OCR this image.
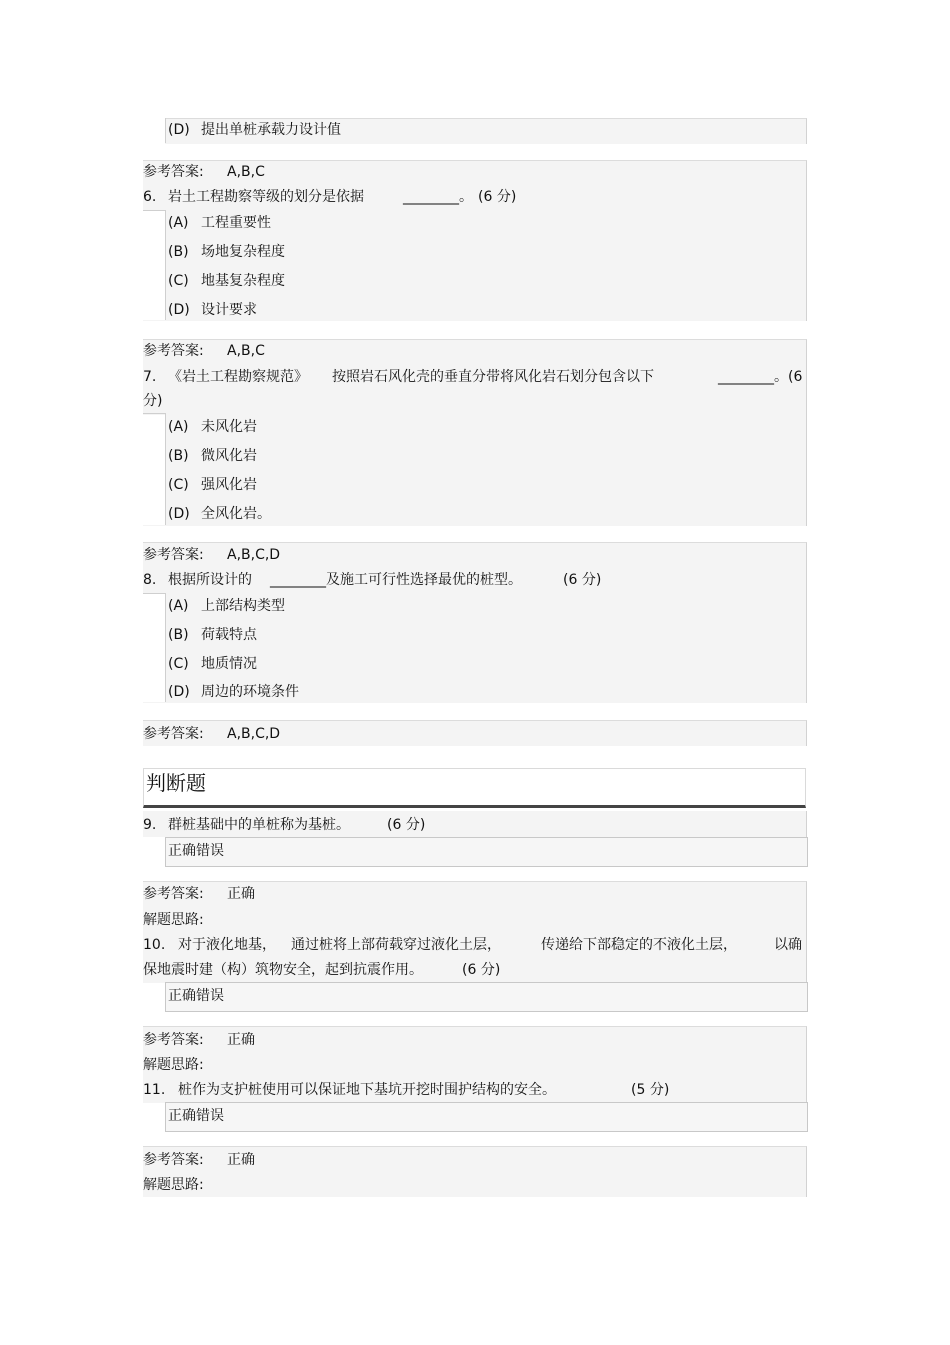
(D) 提出单桩承载力设计值
参考答案: A,B,C
6. 岩土工程勘察等级的划分是依据	________。 (6 分)
(A) 工程重要性
(B) 场地复杂程度
(C) 地基复杂程度
(D) 设计要求
参考答案: A,B,C
7. 《岩土工程勘察规范》 按照岩石风化壳的垂直分带将风化岩石划分包含以下	________。(6
分)
(A) 未风化岩
(B) 微风化岩
(C) 强风化岩
(D) 全风化岩。
参考答案: A,B,C,D
8. 根据所设计的 ________及施工可行性选择最优的桩型。	(6 分)
(A) 上部结构类型
(B) 荷载特点
(C) 地质情况
(D) 周边的环境条件
参考答案: A,B,C,D
判断题
9. 群桩基础中的单桩称为基桩。	(6 分)
正确错误
参考答案: 正确
解题思路:
10. 对于液化地基， 通过桩将上部荷载穿过液化土层，	传递给下部稳定的不液化土层，	以确
保地震时建（构）筑物安全，起到抗震作用。	(6 分)
正确错误
参考答案: 正确
解题思路:
11. 桩作为支护桩使用可以保证地下基坑开挖时围护结构的安全。	(5 分)
正确错误
参考答案: 正确
解题思路:
